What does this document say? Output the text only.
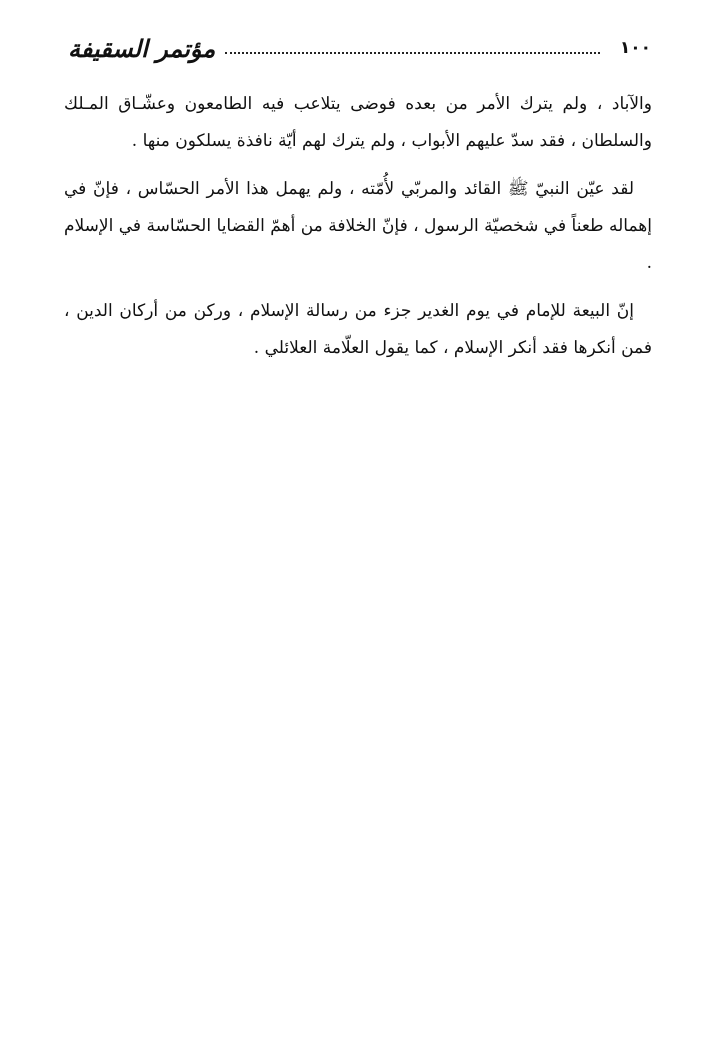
١٠٠
مؤتمر السقيفة

والآباد ، ولم يترك الأمر من بعده فوضى يتلاعب فيه الطامعون وعشّـاق المـلك والسلطان ، فقد سدّ عليهم الأبواب ، ولم يترك لهم أيّة نافذة يسلكون منها .

لقد عيّن النبيّ ﷺ القائد والمربّي لأُمّته ، ولم يهمل هذا الأمر الحسّاس ، فإنّ في إهماله طعناً في شخصيّة الرسول ، فإنّ الخلافة من أهمّ القضايا الحسّاسة في الإسلام .

إنّ البيعة للإمام في يوم الغدير جزء من رسالة الإسلام ، وركن من أركان الدين ، فمن أنكرها فقد أنكر الإسلام ، كما يقول العلّامة العلائلي .
